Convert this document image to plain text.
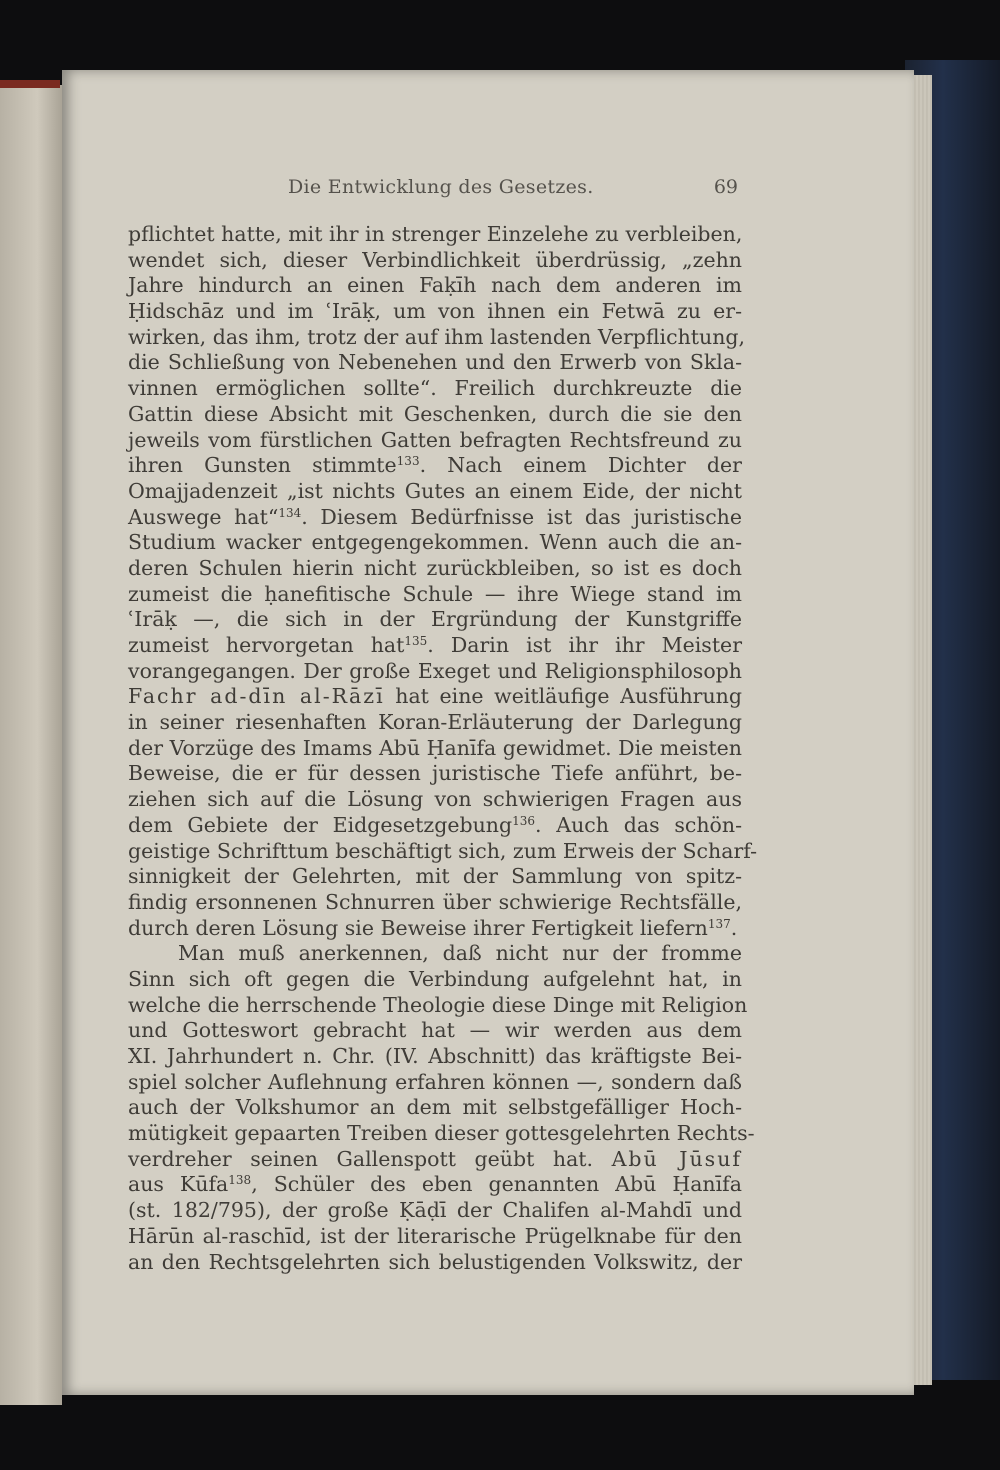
Die Entwicklung des Gesetzes.	69
pflichtet hatte, mit ihr in strenger Einzelehe zu verbleiben,
wendet sich, dieser Verbindlichkeit überdrüssig, „zehn
Jahre hindurch an einen Faḳīh nach dem anderen im
Ḥidschāz und im ʿIrāḳ, um von ihnen ein Fetwā zu er-
wirken, das ihm, trotz der auf ihm lastenden Verpflichtung,
die Schließung von Nebenehen und den Erwerb von Skla-
vinnen ermöglichen sollte“. Freilich durchkreuzte die
Gattin diese Absicht mit Geschenken, durch die sie den
jeweils vom fürstlichen Gatten befragten Rechtsfreund zu
ihren Gunsten stimmte$^{133}$. Nach einem Dichter der
Omajjadenzeit „ist nichts Gutes an einem Eide, der nicht
Auswege hat“$^{134}$. Diesem Bedürfnisse ist das juristische
Studium wacker entgegengekommen. Wenn auch die an-
deren Schulen hierin nicht zurückbleiben, so ist es doch
zumeist die ḥanefitische Schule — ihre Wiege stand im
ʿIrāḳ —, die sich in der Ergründung der Kunstgriffe
zumeist hervorgetan hat$^{135}$. Darin ist ihr ihr Meister
vorangegangen. Der große Exeget und Religionsphilosoph
Fachr ad-dīn al-Rāzī hat eine weitläufige Ausführung
in seiner riesenhaften Koran-Erläuterung der Darlegung
der Vorzüge des Imams Abū Ḥanīfa gewidmet. Die meisten
Beweise, die er für dessen juristische Tiefe anführt, be-
ziehen sich auf die Lösung von schwierigen Fragen aus
dem Gebiete der Eidgesetzgebung$^{136}$. Auch das schön-
geistige Schrifttum beschäftigt sich, zum Erweis der Scharf-
sinnigkeit der Gelehrten, mit der Sammlung von spitz-
findig ersonnenen Schnurren über schwierige Rechtsfälle,
durch deren Lösung sie Beweise ihrer Fertigkeit liefern$^{137}$.
Man muß anerkennen, daß nicht nur der fromme
Sinn sich oft gegen die Verbindung aufgelehnt hat, in
welche die herrschende Theologie diese Dinge mit Religion
und Gotteswort gebracht hat — wir werden aus dem
XI. Jahrhundert n. Chr. (IV. Abschnitt) das kräftigste Bei-
spiel solcher Auflehnung erfahren können —, sondern daß
auch der Volkshumor an dem mit selbstgefälliger Hoch-
mütigkeit gepaarten Treiben dieser gottesgelehrten Rechts-
verdreher seinen Gallenspott geübt hat. Abū Jūsuf
aus Kūfa$^{138}$, Schüler des eben genannten Abū Ḥanīfa
(st. 182/795), der große Ḳāḍī der Chalifen al-Mahdī und
Hārūn al-raschīd, ist der literarische Prügelknabe für den
an den Rechtsgelehrten sich belustigenden Volkswitz, der
